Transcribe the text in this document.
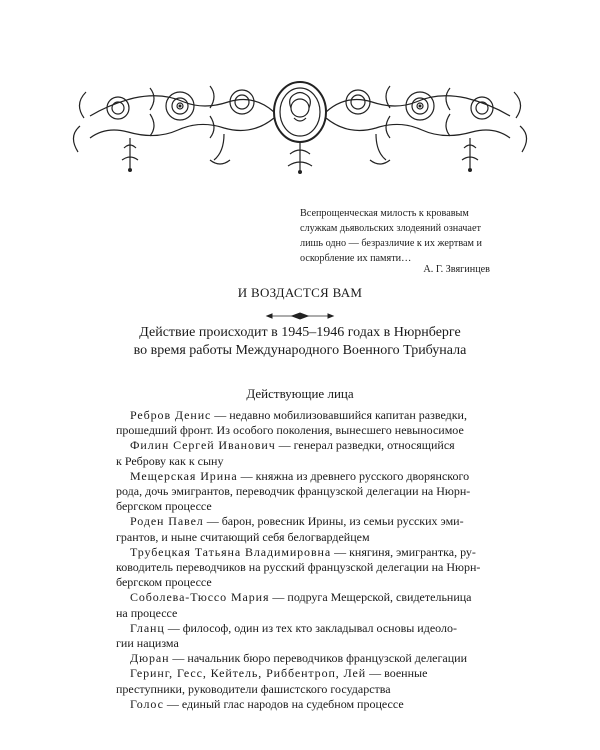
Всепрощенческая милость к кровавым
служкам дьявольских злодеяний означает
лишь одно — безразличие к их жертвам и
оскорбление их памяти…
А. Г. Звягинцев
И ВОЗДАСТСЯ ВАМ
Действие происходит в 1945–1946 годах в Нюрнберге
во время работы Международного Военного Трибунала
Действующие лица
Ребров Денис — недавно мобилизовавшийся капитан разведки,
прошедший фронт. Из особого поколения, вынесшего невыносимое
Филин Сергей Иванович — генерал разведки, относящийся
к Реброву как к сыну
Мещерская Ирина — княжна из древнего русского дворянского
рода, дочь эмигрантов, переводчик французской делегации на Нюрн-
бергском процессе
Роден Павел — барон, ровесник Ирины, из семьи русских эми-
грантов, и ныне считающий себя белогвардейцем
Трубецкая Татьяна Владимировна — княгиня, эмигрантка, ру-
ководитель переводчиков на русский французской делегации на Нюрн-
бергском процессе
Соболева-Тюссо Мария — подруга Мещерской, свидетельница
на процессе
Гланц — философ, один из тех кто закладывал основы идеоло-
гии нацизма
Дюран — начальник бюро переводчиков французской делегации
Геринг, Гесс, Кейтель, Риббентроп, Лей — военные
преступники, руководители фашистского государства
Голос — единый глас народов на судебном процессе
